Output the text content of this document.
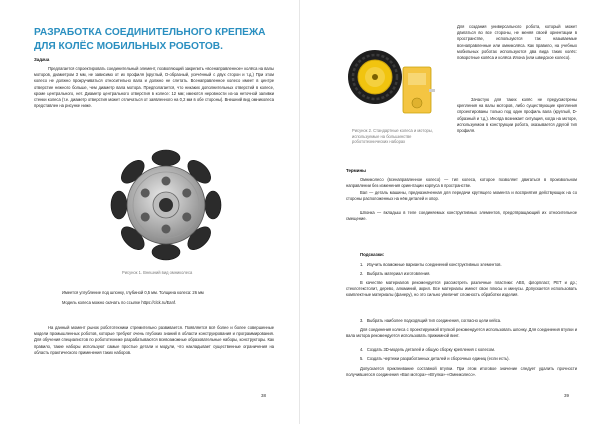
РАЗРАБОТКА СОЕДИНИТЕЛЬНОГО КРЕПЕЖА ДЛЯ КОЛЁС МОБИЛЬНЫХ РОБОТОВ.
Задача

Предлагается спроектировать соединительный элемент, позволяющий закрепить «всенаправленное» колёса на валы моторов, диаметром 3 мм, не зависимо от их профиля (круглый, D-образный, усечённый с двух сторон и т.д.) При этом колесо не должно прокручиваться относительно вала и должно не слетать. Всенаправленное колесо имеет в центре отверстие нежного больше, чем диаметр вала мотора. Предполагается, что никаких дополнительных отверстий в колесе, кроме центрального, нет. Диаметр центрального отверстия в колесе: 12 мм; имеются неровности из-за неточной заливки стенки колеса (т.е. диаметр отверстия может отличаться от заявленного на 0,2 мм в обе стороны). Внешний вид омниколеса представлен на рисунке ниже.

Рисунок 1. Внешний вид омниколеса
Имеется углубление под шпонку, глубиной 0,5 мм. Толщина колеса: 26 мм
Модель колеса можно скачать по ссылке https://clck.ru/Eanf.

На данный момент рынок робототехники стремительно развивается. Появляется всё более и более совершенные модели промышленных роботов, которые требуют очень глубоких знаний в области конструирования и программирования. Для обучения специалистов по робототехнике разрабатываются всевозможные образовательные наборы, конструкторы. Как правило, такие наборы используют самые простые детали и модули, что накладывает существенные ограничения на область практического применения таких наборов.

38
Рисунок 2. Стандартные колеса и моторы, используемые на большинстве робототехнических наборах

Для создания универсального робота, который может двигаться во все стороны, не меняя своей ориентации в пространстве, используются так называемые всенаправленные или омниколёса. Как правило, на учебных мобильных роботах используются два вида таких колёс: поворотные колёса и колёса Илона (или шведское колесо).

Зачастую для таких колёс не предусмотрены крепления на валы моторов, либо существующие крепления спроектированы только под один профиль вала (круглый, D-образный и т.д.). Иногда возникает ситуация, когда на моторе, используемом в конструкции робота, оказывается другой тип профиля.

Термины

Омниколесо (всенаправленное колесо) — тип колеса, которое позволяет двигаться в произвольном направлении без изменения ориентации корпуса в пространстве.

Вал — деталь машины, предназначенная для передачи крутящего момента и восприятия действующих на со стороны расположенных на нём деталей и опор.

Шпонка — вкладыш в теле соединяемых конструктивных элементов, предотвращающий их относительное смещение.

Подсказки:
1.   Изучить возможные варианты соединений конструктивных элементов.
2.   Выбрать материал изготовления.

В качестве материалов рекомендуется рассмотреть различные пластики: ABS, флорпласт, PET и др.; стеклотекстолит, дерево, алюминий, акрил. Все материалы имеют свои плюсы и минусы. Допускается использовать комплектные материалы (фанеру), но это сильно увеличит сложность обработки изделия.

3.   Выбрать наиболее подходящий тип соединения, согласно цели кейса.

Для соединения колеса с проектируемой втулкой рекомендуется использовать шпонку. Для соединения втулки и вала мотора рекомендуется использовать прижимной винт.

4.   Создать 3D-модель деталей и общую сборку крепления с колесом.
5.   Создать чертежи разработанных деталей и сборочных единиц (если есть).

Допускается приклеивание составной втулки. При этом итоговое значение следует удалить прочности получившегося соединения «Вал мотора»-«Втулка»-«Омниколесо».

39
